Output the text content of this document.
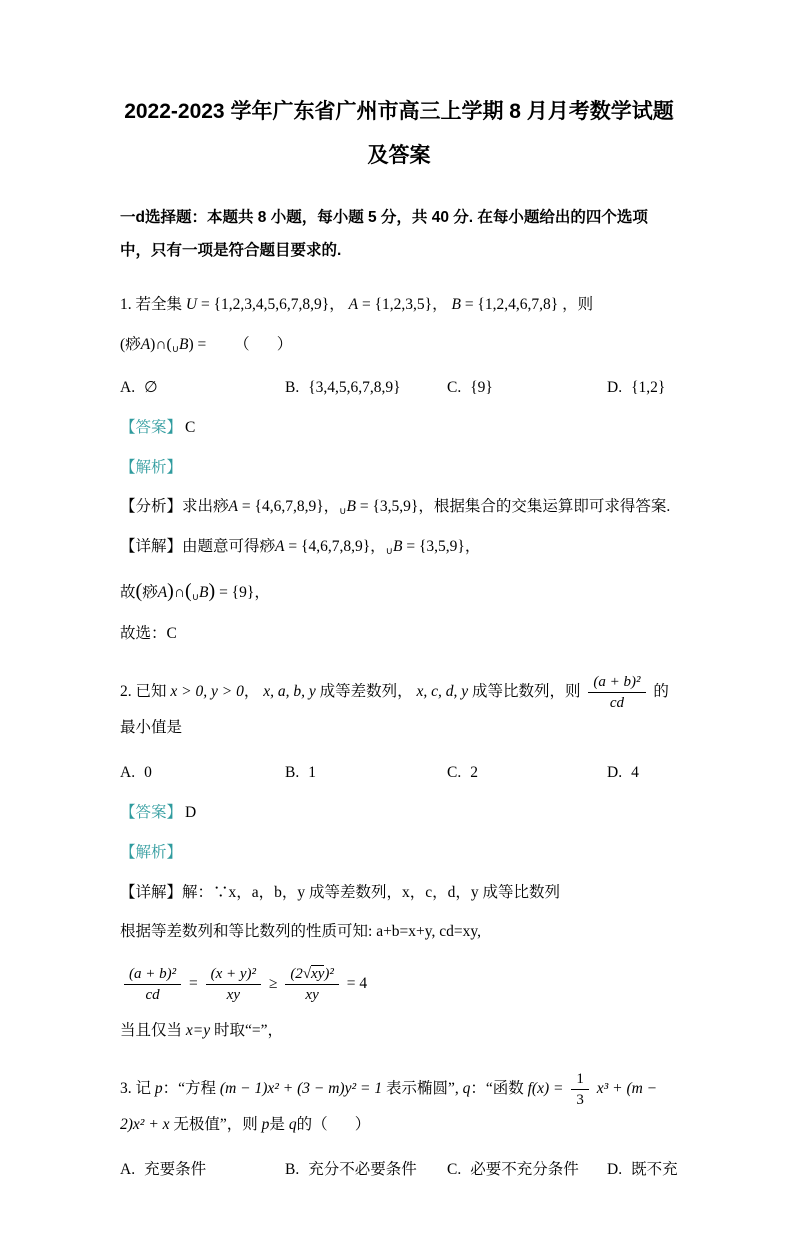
2022-2023 学年广东省广州市高三上学期 8 月月考数学试题
及答案

一d选择题：本题共 8 小题，每小题 5 分，共 40 分. 在每小题给出的四个选项中，只有一项是符合题目要求的.

1. 若全集 U = {1,2,3,4,5,6,7,8,9}， A = {1,2,3,5}， B = {1,2,4,6,7,8} ，则
(痧A)∩(∪B) = （       ）
A. ∅	B. {3,4,5,6,7,8,9}	C. {9}	D. {1,2}
【答案】 C
【解析】
【分析】求出痧A = {4,6,7,8,9}，∪B = {3,5,9}，根据集合的交集运算即可求得答案.
【详解】由题意可得痧A = {4,6,7,8,9}，∪B = {3,5,9}，
故(痧A)∩(∪B) = {9}，
故选：C
2. 已知 x > 0, y > 0， x, a, b, y 成等差数列， x, c, d, y 成等比数列，则 $\frac{\text{(a + b)²}}{cd}$ 的最小值是
A. 0	B. 1	C. 2	D. 4
【答案】 D
【解析】
【详解】解：∵x，a，b，y 成等差数列，x，c，d，y 成等比数列
根据等差数列和等比数列的性质可知: a+b=x+y, cd=xy,
$\frac{\text{(a + b)²}}{cd} = \frac{\text{(x + y)²}}{xy} \ge \frac{\text{(2√xy)²}}{xy} = 4$
当且仅当 x=y 时取“=”，
3. 记 p：“方程 (m − 1)x² + (3 − m)y² = 1 表示椭圆”, q：“函数 $f(x) = \frac{1}{3} x^3 + (m - 2)x^2 + x$ 无极值”，则 p是 q的（       ）
A. 充要条件	B. 充分不必要条件	C. 必要不充分条件	D. 既不充
